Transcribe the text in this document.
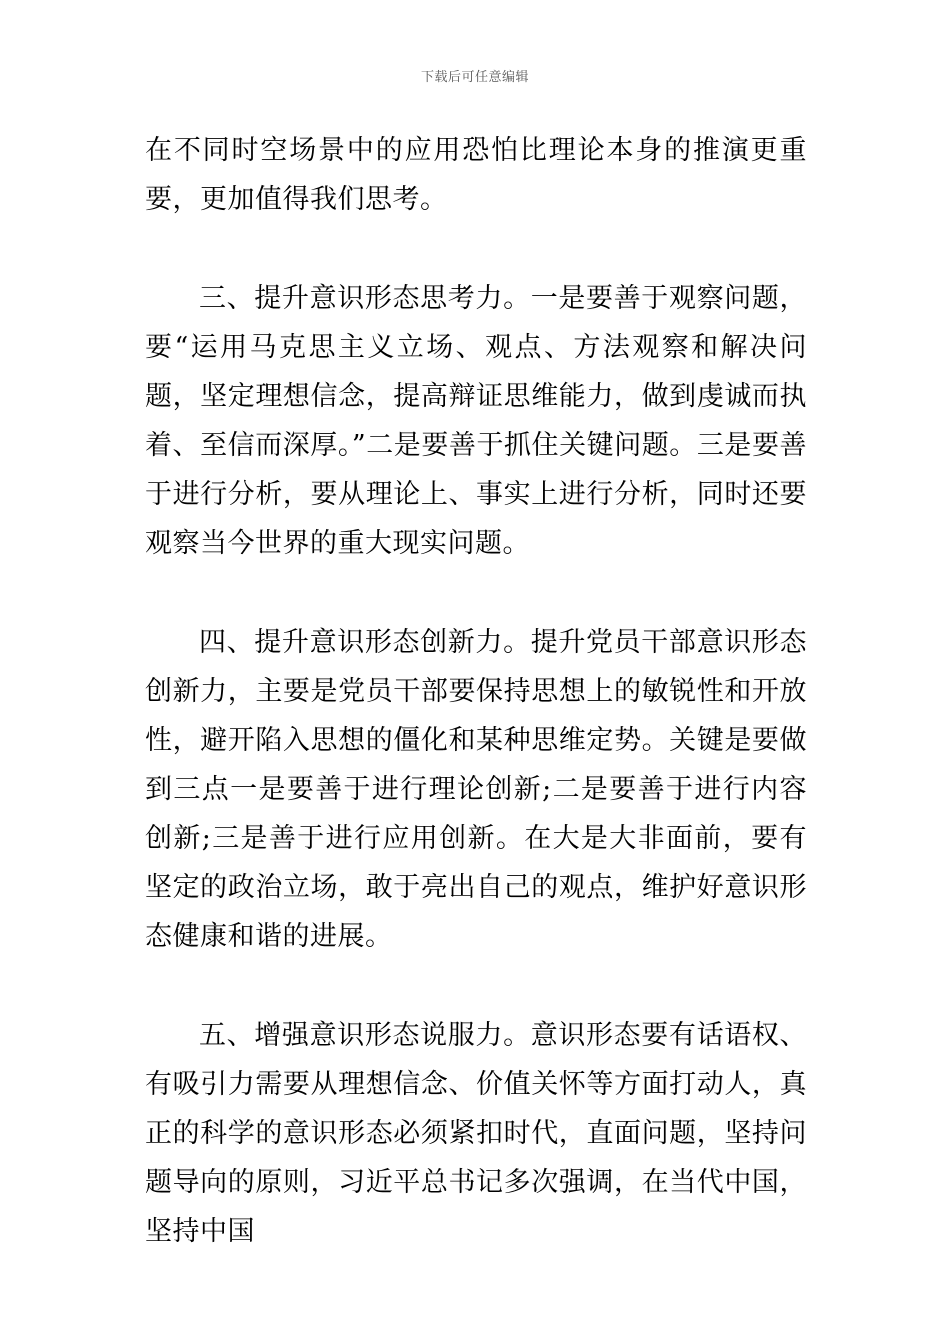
下载后可任意编辑

在不同时空场景中的应用恐怕比理论本身的推演更重要，更加值得我们思考。

三、提升意识形态思考力。一是要善于观察问题，要“运用马克思主义立场、观点、方法观察和解决问题，坚定理想信念，提高辩证思维能力，做到虔诚而执着、至信而深厚。”二是要善于抓住关键问题。三是要善于进行分析，要从理论上、事实上进行分析，同时还要观察当今世界的重大现实问题。

四、提升意识形态创新力。提升党员干部意识形态创新力，主要是党员干部要保持思想上的敏锐性和开放性，避开陷入思想的僵化和某种思维定势。关键是要做到三点一是要善于进行理论创新;二是要善于进行内容创新;三是善于进行应用创新。在大是大非面前，要有坚定的政治立场，敢于亮出自己的观点，维护好意识形态健康和谐的进展。

五、增强意识形态说服力。意识形态要有话语权、有吸引力需要从理想信念、价值关怀等方面打动人，真正的科学的意识形态必须紧扣时代，直面问题，坚持问题导向的原则，习近平总书记多次强调，在当代中国，坚持中国
